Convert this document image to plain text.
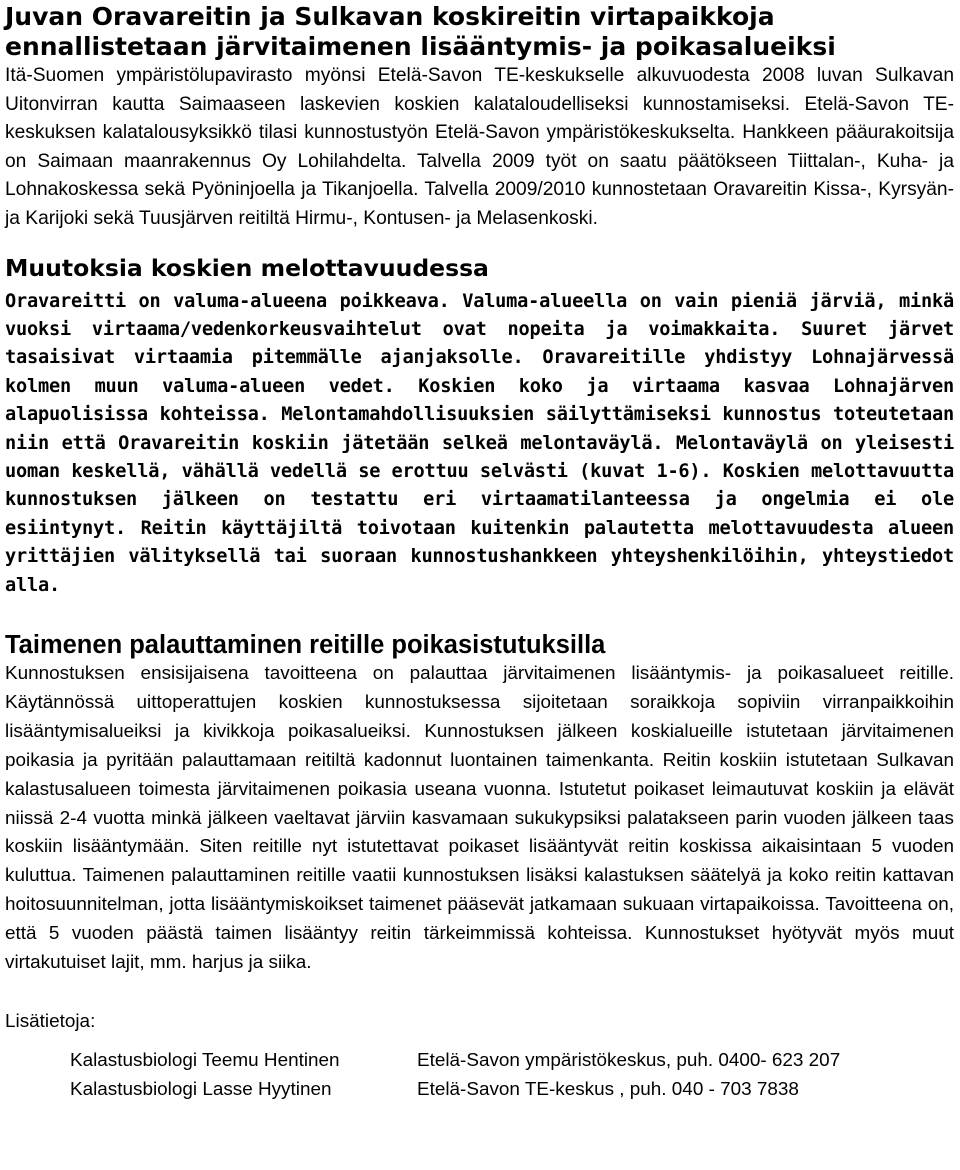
Juvan Oravareitin ja Sulkavan koskireitin virtapaikkoja ennallistetaan järvitaimenen lisääntymis- ja poikasalueiksi

Itä-Suomen ympäristölupavirasto myönsi Etelä-Savon TE-keskukselle alkuvuodesta 2008 luvan Sulkavan Uitonvirran kautta Saimaaseen laskevien koskien kalataloudelliseksi kunnostamiseksi. Etelä-Savon TE-keskuksen kalatalousyksikkö tilasi kunnostustyön Etelä-Savon ympäristökeskukselta. Hankkeen pääurakoitsija on Saimaan maanrakennus Oy Lohilahdelta. Talvella 2009 työt on saatu päätökseen Tiittalan-, Kuha- ja Lohnakoskessa sekä Pyöninjoella ja Tikanjoella. Talvella 2009/2010 kunnostetaan Oravareitin Kissa-, Kyrsyän- ja Karijoki sekä Tuusjärven reitiltä Hirmu-, Kontusen- ja Melasenkoski.

Muutoksia koskien melottavuudessa

Oravareitti on valuma-alueena poikkeava. Valuma-alueella on vain pieniä järviä, minkä vuoksi virtaama/vedenkorkeusvaihtelut ovat nopeita ja voimakkaita. Suuret järvet tasaisivat virtaamia pitemmälle ajanjaksolle. Oravareitille yhdistyy Lohnajärvessä kolmen muun valuma-alueen vedet. Koskien koko ja virtaama kasvaa Lohnajärven alapuolisissa kohteissa. Melontamahdollisuuksien säilyttämiseksi kunnostus toteutetaan niin että Oravareitin koskiin jätetään selkeä melontaväylä. Melontaväylä on yleisesti uoman keskellä, vähällä vedellä se erottuu selvästi (kuvat 1-6). Koskien melottavuutta kunnostuksen jälkeen on testattu eri virtaamatilanteessa ja ongelmia ei ole esiintynyt. Reitin käyttäjiltä toivotaan kuitenkin palautetta melottavuudesta alueen yrittäjien välityksellä tai suoraan kunnostushankkeen yhteyshenkilöihin, yhteystiedot alla.

Taimenen palauttaminen reitille poikasistutuksilla

Kunnostuksen ensisijaisena tavoitteena on palauttaa järvitaimenen lisääntymis- ja poikasalueet reitille. Käytännössä uittoperattujen koskien kunnostuksessa sijoitetaan soraikkoja sopiviin virranpaikkoihin lisääntymisalueiksi ja kivikkoja poikasalueiksi. Kunnostuksen jälkeen koskialueille istutetaan järvitaimenen poikasia ja pyritään palauttamaan reitiltä kadonnut luontainen taimenkanta. Reitin koskiin istutetaan Sulkavan kalastusalueen toimesta järvitaimenen poikasia useana vuonna. Istutetut poikaset leimautuvat koskiin ja elävät niissä 2-4 vuotta minkä jälkeen vaeltavat järviin kasvamaan sukukypsiksi palatakseen parin vuoden jälkeen taas koskiin lisääntymään. Siten reitille nyt istutettavat poikaset lisääntyvät reitin koskissa aikaisintaan 5 vuoden kuluttua. Taimenen palauttaminen reitille vaatii kunnostuksen lisäksi kalastuksen säätelyä ja koko reitin kattavan hoitosuunnitelman, jotta lisääntymiskoikset taimenet pääsevät jatkamaan sukuaan virtapaikoissa. Tavoitteena on, että 5 vuoden päästä taimen lisääntyy reitin tärkeimmissä kohteissa. Kunnostukset hyötyvät myös muut virtakutuiset lajit, mm. harjus ja siika.

Lisätietoja:

Kalastusbiologi Teemu Hentinen	Etelä-Savon ympäristökeskus, puh. 0400- 623 207
Kalastusbiologi Lasse Hyytinen	Etelä-Savon TE-keskus , puh. 040 - 703 7838
